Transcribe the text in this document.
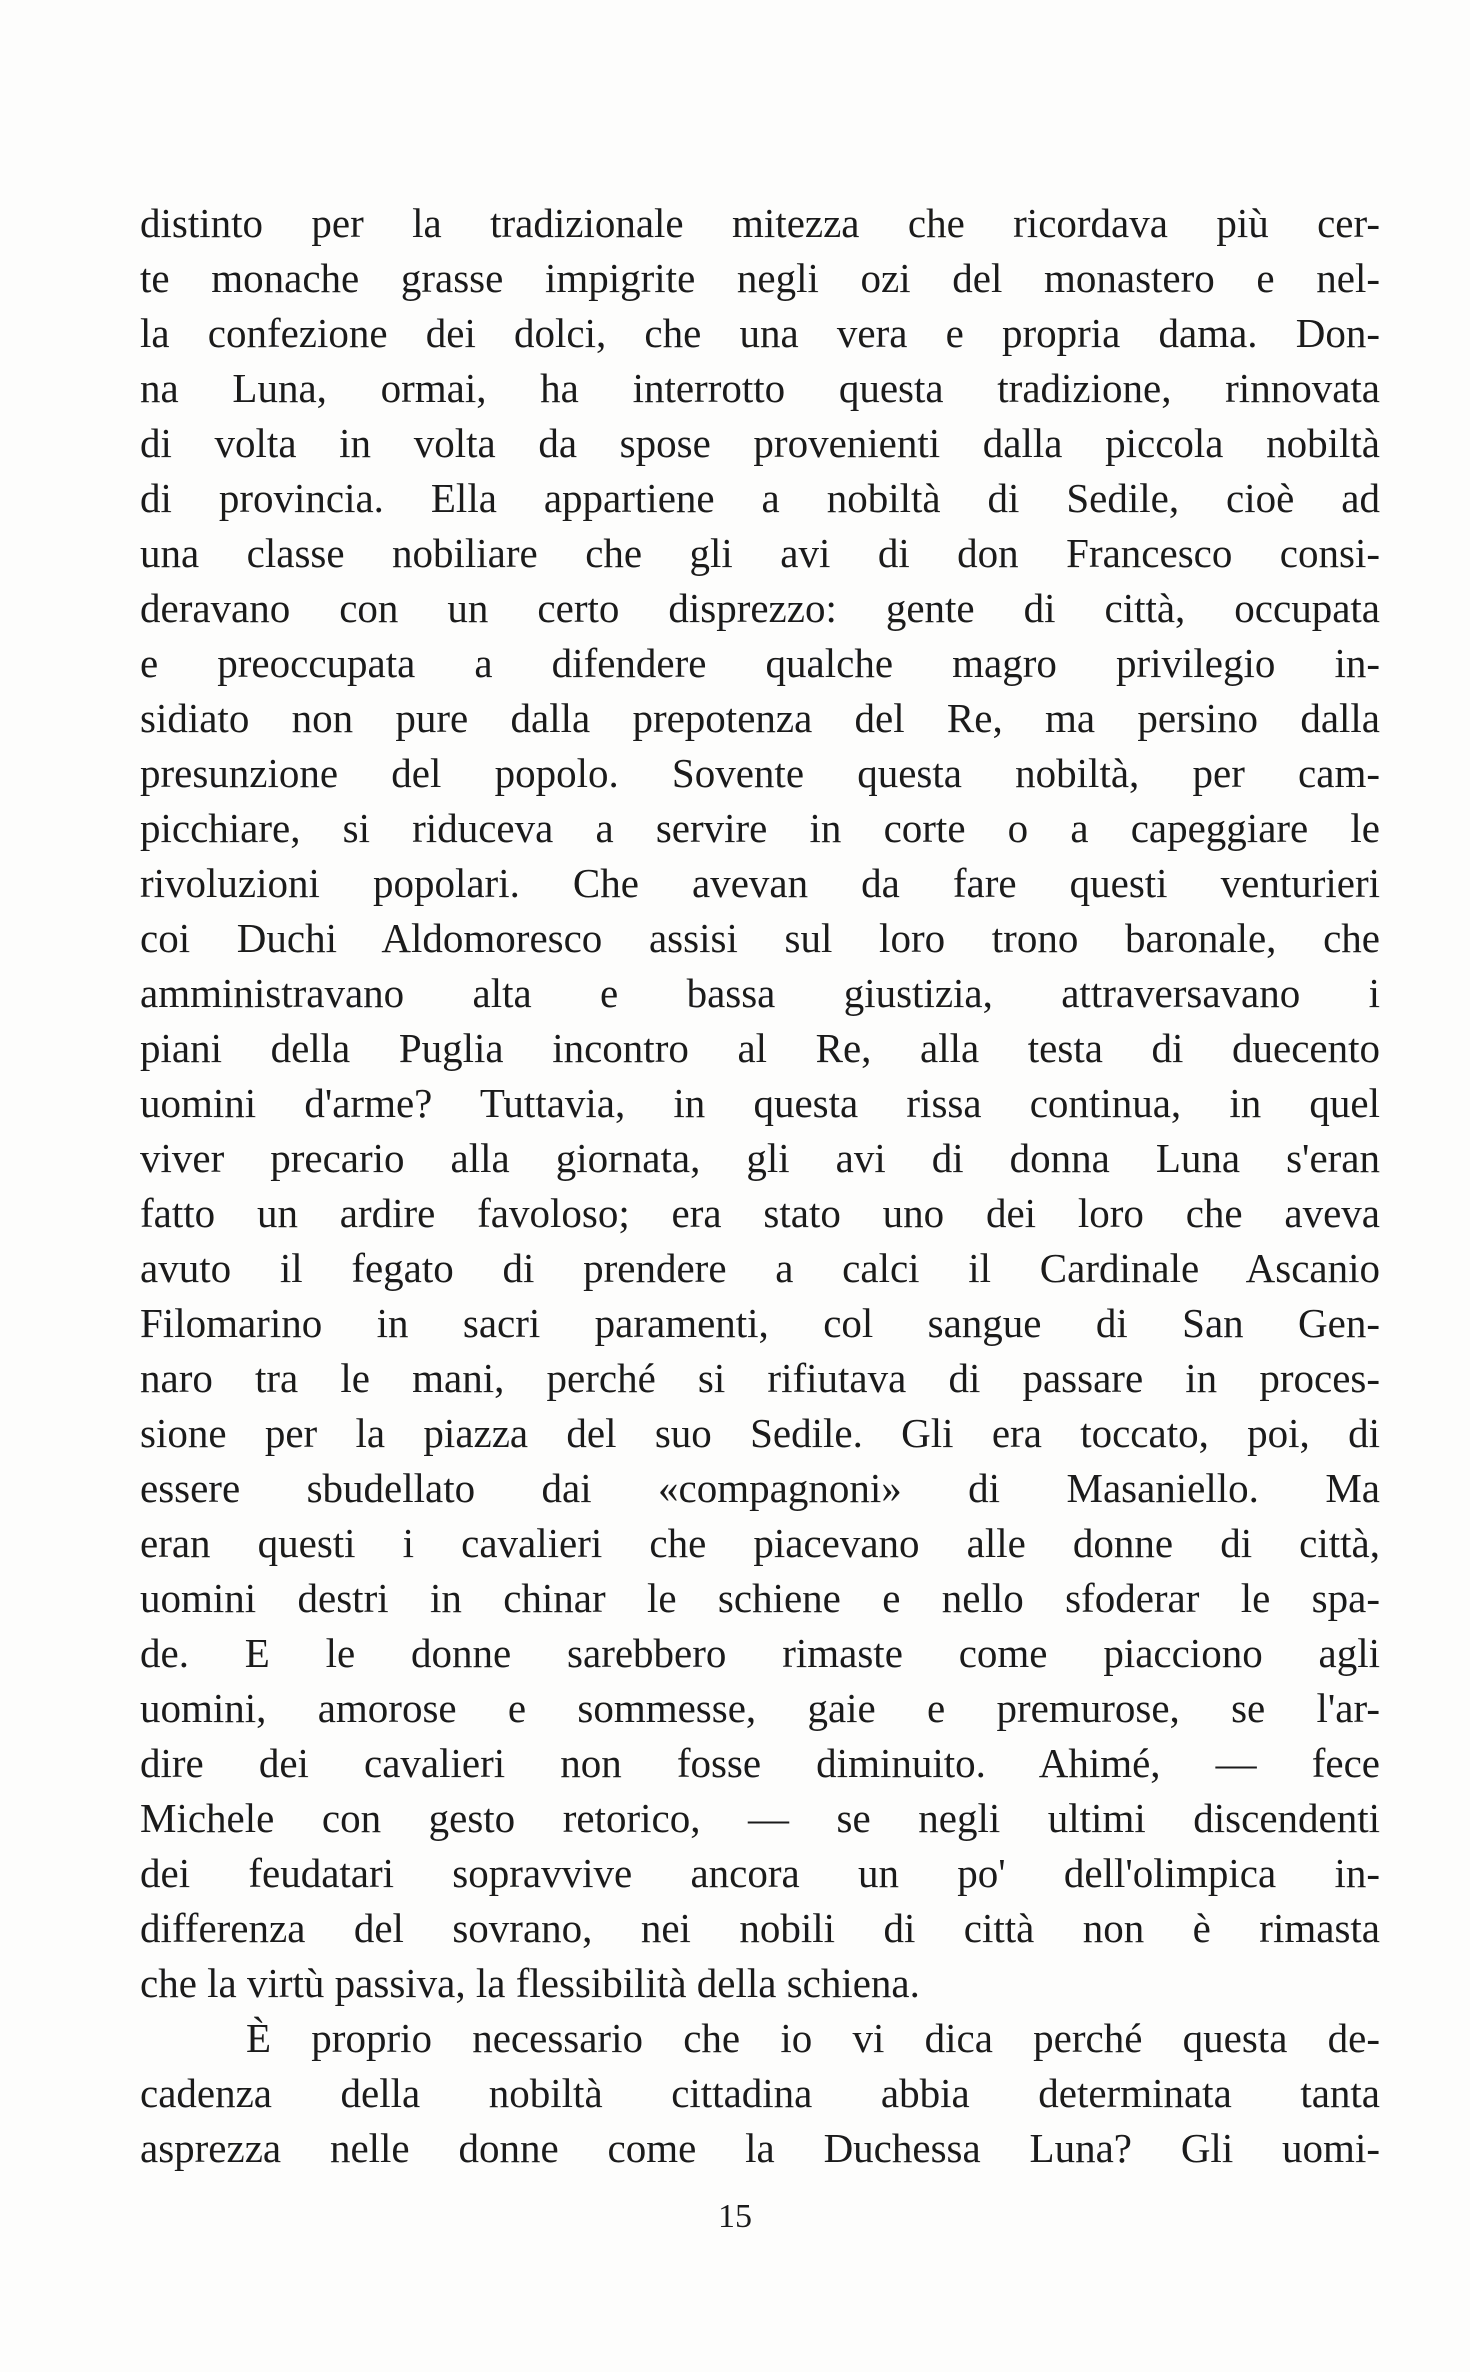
distinto per la tradizionale mitezza che ricordava più cer-
te monache grasse impigrite negli ozi del monastero e nel-
la confezione dei dolci, che una vera e propria dama. Don-
na Luna, ormai, ha interrotto questa tradizione, rinnovata
di volta in volta da spose provenienti dalla piccola nobiltà
di provincia. Ella appartiene a nobiltà di Sedile, cioè ad
una classe nobiliare che gli avi di don Francesco consi-
deravano con un certo disprezzo: gente di città, occupata
e preoccupata a difendere qualche magro privilegio in-
sidiato non pure dalla prepotenza del Re, ma persino dalla
presunzione del popolo. Sovente questa nobiltà, per cam-
picchiare, si riduceva a servire in corte o a capeggiare le
rivoluzioni popolari. Che avevan da fare questi venturieri
coi Duchi Aldomoresco assisi sul loro trono baronale, che
amministravano alta e bassa giustizia, attraversavano i
piani della Puglia incontro al Re, alla testa di duecento
uomini d'arme? Tuttavia, in questa rissa continua, in quel
viver precario alla giornata, gli avi di donna Luna s'eran
fatto un ardire favoloso; era stato uno dei loro che aveva
avuto il fegato di prendere a calci il Cardinale Ascanio
Filomarino in sacri paramenti, col sangue di San Gen-
naro tra le mani, perché si rifiutava di passare in proces-
sione per la piazza del suo Sedile. Gli era toccato, poi, di
essere sbudellato dai «compagnoni» di Masaniello. Ma
eran questi i cavalieri che piacevano alle donne di città,
uomini destri in chinar le schiene e nello sfoderar le spa-
de. E le donne sarebbero rimaste come piacciono agli
uomini, amorose e sommesse, gaie e premurose, se l'ar-
dire dei cavalieri non fosse diminuito. Ahimé, — fece
Michele con gesto retorico, — se negli ultimi discendenti
dei feudatari sopravvive ancora un po' dell'olimpica in-
differenza del sovrano, nei nobili di città non è rimasta
che la virtù passiva, la flessibilità della schiena.
È proprio necessario che io vi dica perché questa de-
cadenza della nobiltà cittadina abbia determinata tanta
asprezza nelle donne come la Duchessa Luna? Gli uomi-
15
